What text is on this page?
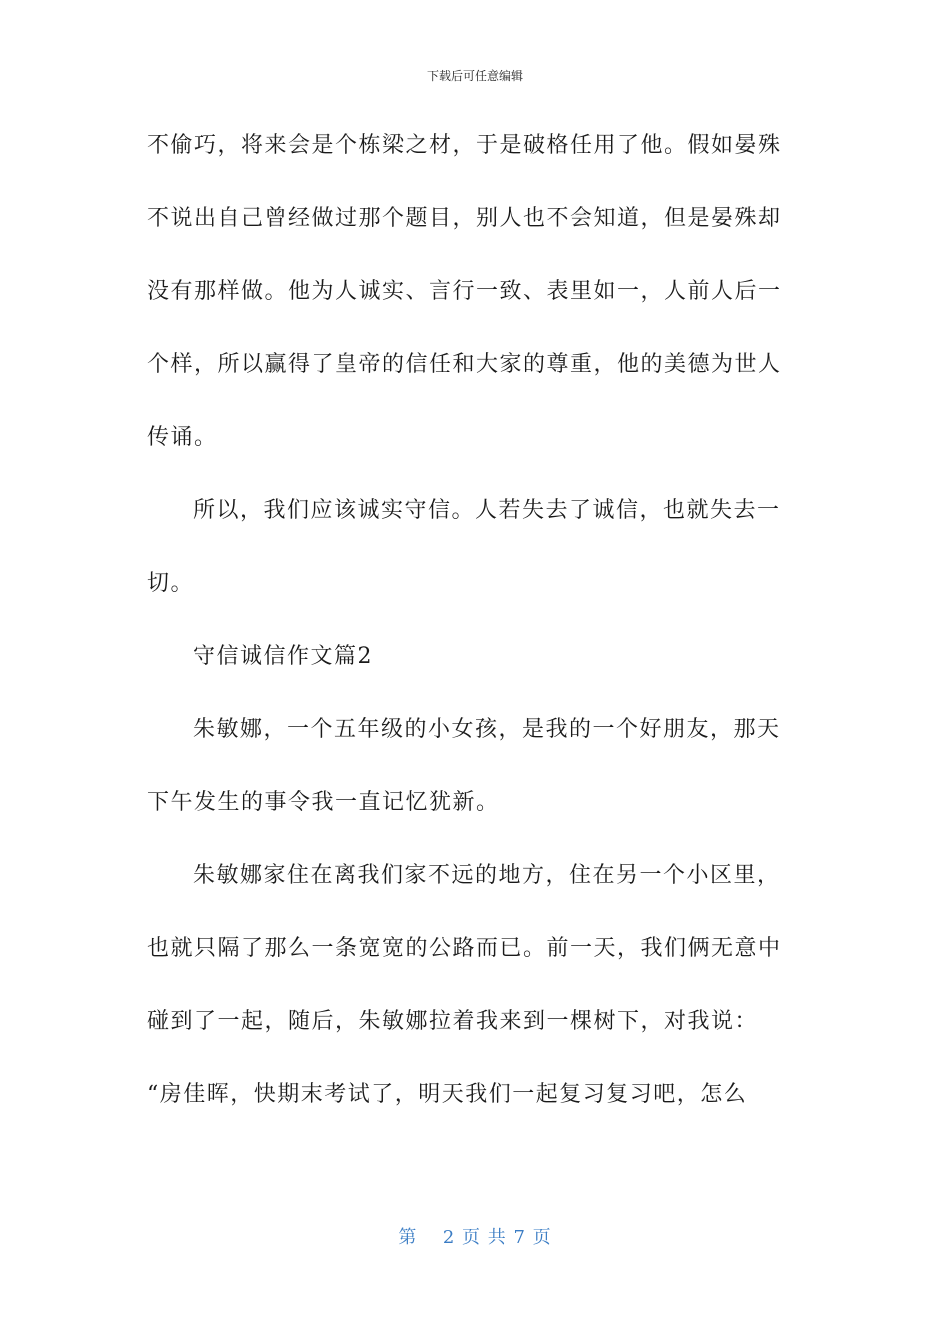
下载后可任意编辑
不偷巧，将来会是个栋梁之材，于是破格任用了他。假如晏殊
不说出自己曾经做过那个题目，别人也不会知道，但是晏殊却
没有那样做。他为人诚实、言行一致、表里如一，人前人后一
个样，所以赢得了皇帝的信任和大家的尊重，他的美德为世人
传诵。
所以，我们应该诚实守信。人若失去了诚信，也就失去一
切。
守信诚信作文篇2
朱敏娜，一个五年级的小女孩，是我的一个好朋友，那天
下午发生的事令我一直记忆犹新。
朱敏娜家住在离我们家不远的地方，住在另一个小区里，
也就只隔了那么一条宽宽的公路而已。前一天，我们俩无意中
碰到了一起，随后，朱敏娜拉着我来到一棵树下，对我说：
“房佳晖，快期末考试了，明天我们一起复习复习吧，怎么
第 2 页 共 7 页
